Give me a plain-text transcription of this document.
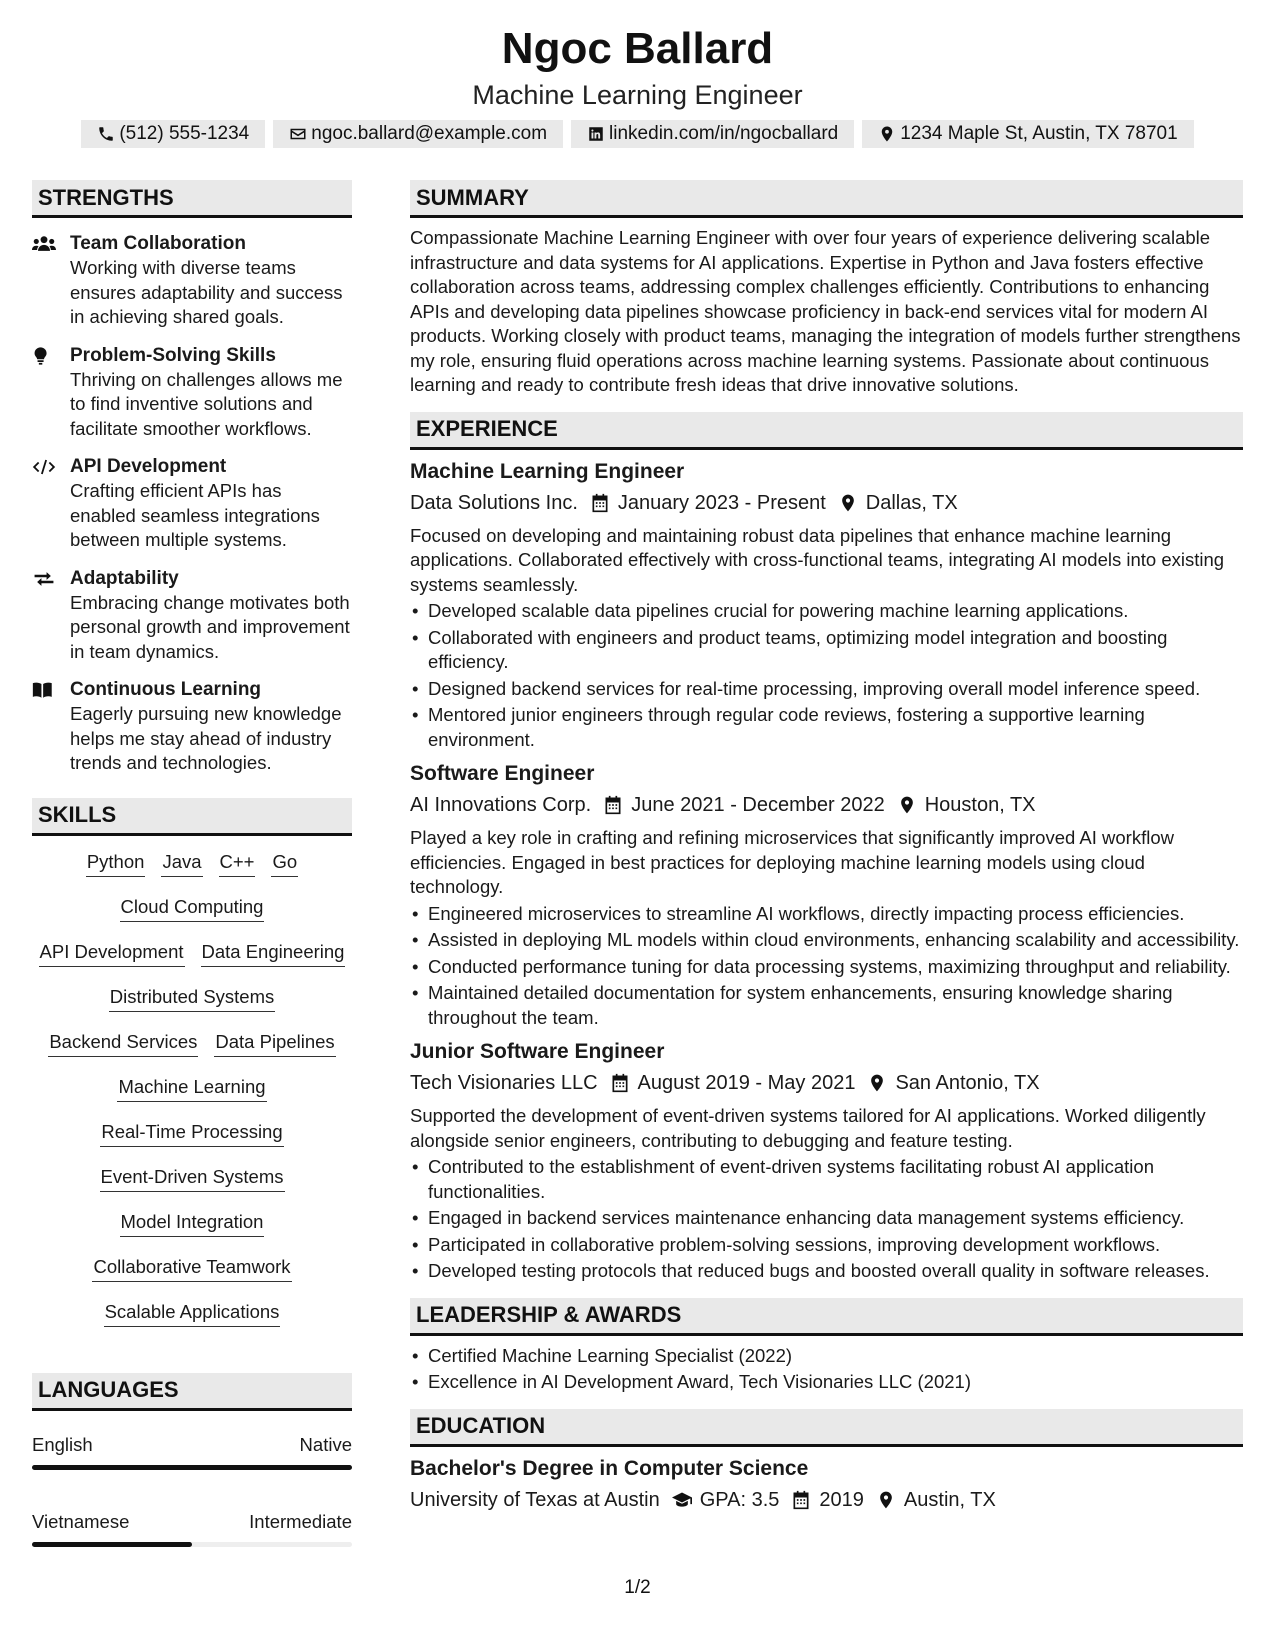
Ngoc Ballard
Machine Learning Engineer
(512) 555-1234	ngoc.ballard@example.com	linkedin.com/in/ngocballard	1234 Maple St, Austin, TX 78701
STRENGTHS
Team Collaboration
Working with diverse teams ensures adaptability and success in achieving shared goals.
Problem-Solving Skills
Thriving on challenges allows me to find inventive solutions and facilitate smoother workflows.
API Development
Crafting efficient APIs has enabled seamless integrations between multiple systems.
Adaptability
Embracing change motivates both personal growth and improvement in team dynamics.
Continuous Learning
Eagerly pursuing new knowledge helps me stay ahead of industry trends and technologies.
SKILLS
Python Java C++ Go
Cloud Computing
API Development Data Engineering
Distributed Systems
Backend Services Data Pipelines
Machine Learning
Real-Time Processing
Event-Driven Systems
Model Integration
Collaborative Teamwork
Scalable Applications
LANGUAGES
English	Native
Vietnamese	Intermediate
SUMMARY
Compassionate Machine Learning Engineer with over four years of experience delivering scalable infrastructure and data systems for AI applications. Expertise in Python and Java fosters effective collaboration across teams, addressing complex challenges efficiently. Contributions to enhancing APIs and developing data pipelines showcase proficiency in back-end services vital for modern AI products. Working closely with product teams, managing the integration of models further strengthens my role, ensuring fluid operations across machine learning systems. Passionate about continuous learning and ready to contribute fresh ideas that drive innovative solutions.
EXPERIENCE
Machine Learning Engineer
Data Solutions Inc. January 2023 - Present Dallas, TX
Focused on developing and maintaining robust data pipelines that enhance machine learning applications. Collaborated effectively with cross-functional teams, integrating AI models into existing systems seamlessly.
• Developed scalable data pipelines crucial for powering machine learning applications.
• Collaborated with engineers and product teams, optimizing model integration and boosting efficiency.
• Designed backend services for real-time processing, improving overall model inference speed.
• Mentored junior engineers through regular code reviews, fostering a supportive learning environment.
Software Engineer
AI Innovations Corp. June 2021 - December 2022 Houston, TX
Played a key role in crafting and refining microservices that significantly improved AI workflow efficiencies. Engaged in best practices for deploying machine learning models using cloud technology.
• Engineered microservices to streamline AI workflows, directly impacting process efficiencies.
• Assisted in deploying ML models within cloud environments, enhancing scalability and accessibility.
• Conducted performance tuning for data processing systems, maximizing throughput and reliability.
• Maintained detailed documentation for system enhancements, ensuring knowledge sharing throughout the team.
Junior Software Engineer
Tech Visionaries LLC August 2019 - May 2021 San Antonio, TX
Supported the development of event-driven systems tailored for AI applications. Worked diligently alongside senior engineers, contributing to debugging and feature testing.
• Contributed to the establishment of event-driven systems facilitating robust AI application functionalities.
• Engaged in backend services maintenance enhancing data management systems efficiency.
• Participated in collaborative problem-solving sessions, improving development workflows.
• Developed testing protocols that reduced bugs and boosted overall quality in software releases.
LEADERSHIP & AWARDS
• Certified Machine Learning Specialist (2022)
• Excellence in AI Development Award, Tech Visionaries LLC (2021)
EDUCATION
Bachelor's Degree in Computer Science
University of Texas at Austin GPA: 3.5 2019 Austin, TX
1/2
